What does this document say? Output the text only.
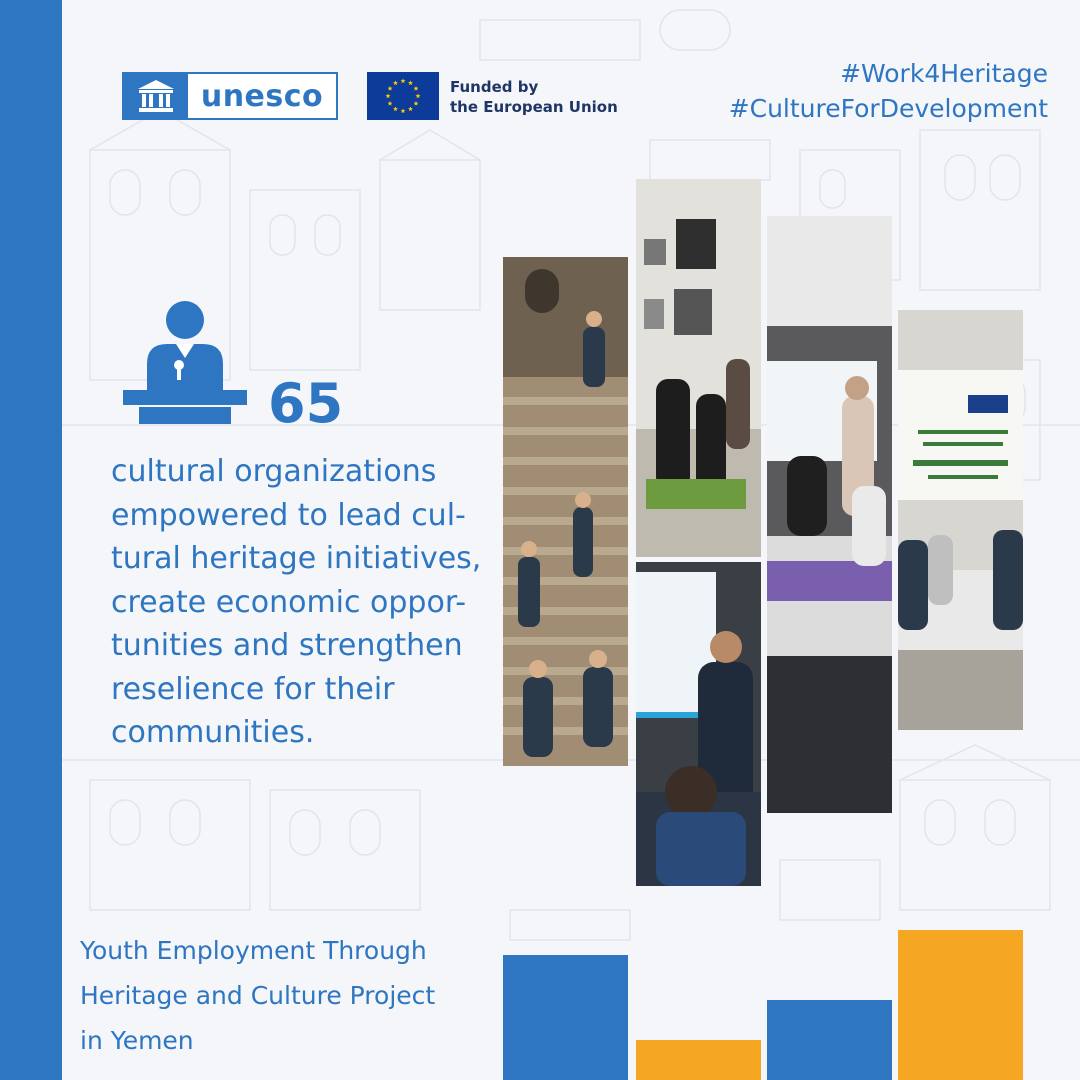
unesco	Funded by
the European Union
#Work4Heritage
#CultureForDevelopment
65
cultural organizations
empowered to lead cul-
tural heritage initiatives,
create economic oppor-
tunities and strengthen
reselience for their
communities.
Youth Employment Through
Heritage and Culture Project
in Yemen
